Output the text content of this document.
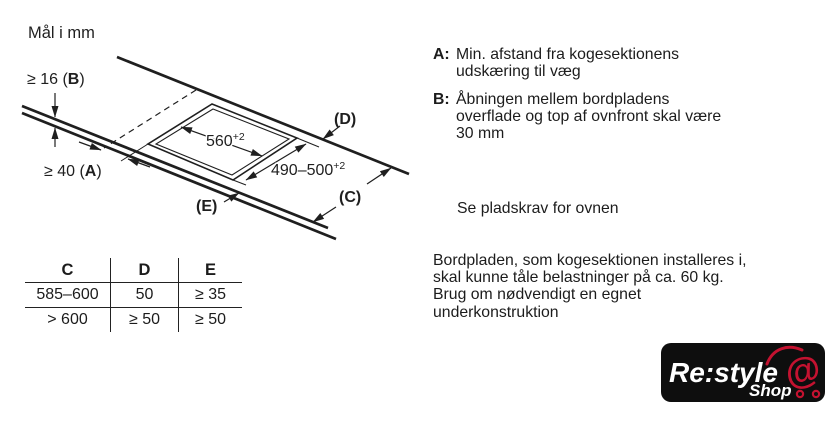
Mål i mm
≥ 16 (B)
≥ 40 (A)
$560^{+2}$
$490-500^{+2}$
(D)
(C)
(E)
C	D	E
585–600	50	≥ 35
> 600	≥ 50	≥ 50
A: Min. afstand fra kogesektionens
udskæring til væg
B: Åbningen mellem bordpladens
overflade og top af ovnfront skal være
30 mm
Se pladskrav for ovnen
Bordpladen, som kogesektionen installeres i,
skal kunne tåle belastninger på ca. 60 kg.
Brug om nødvendigt en egnet
underkonstruktion
Re:style
Shop
@
